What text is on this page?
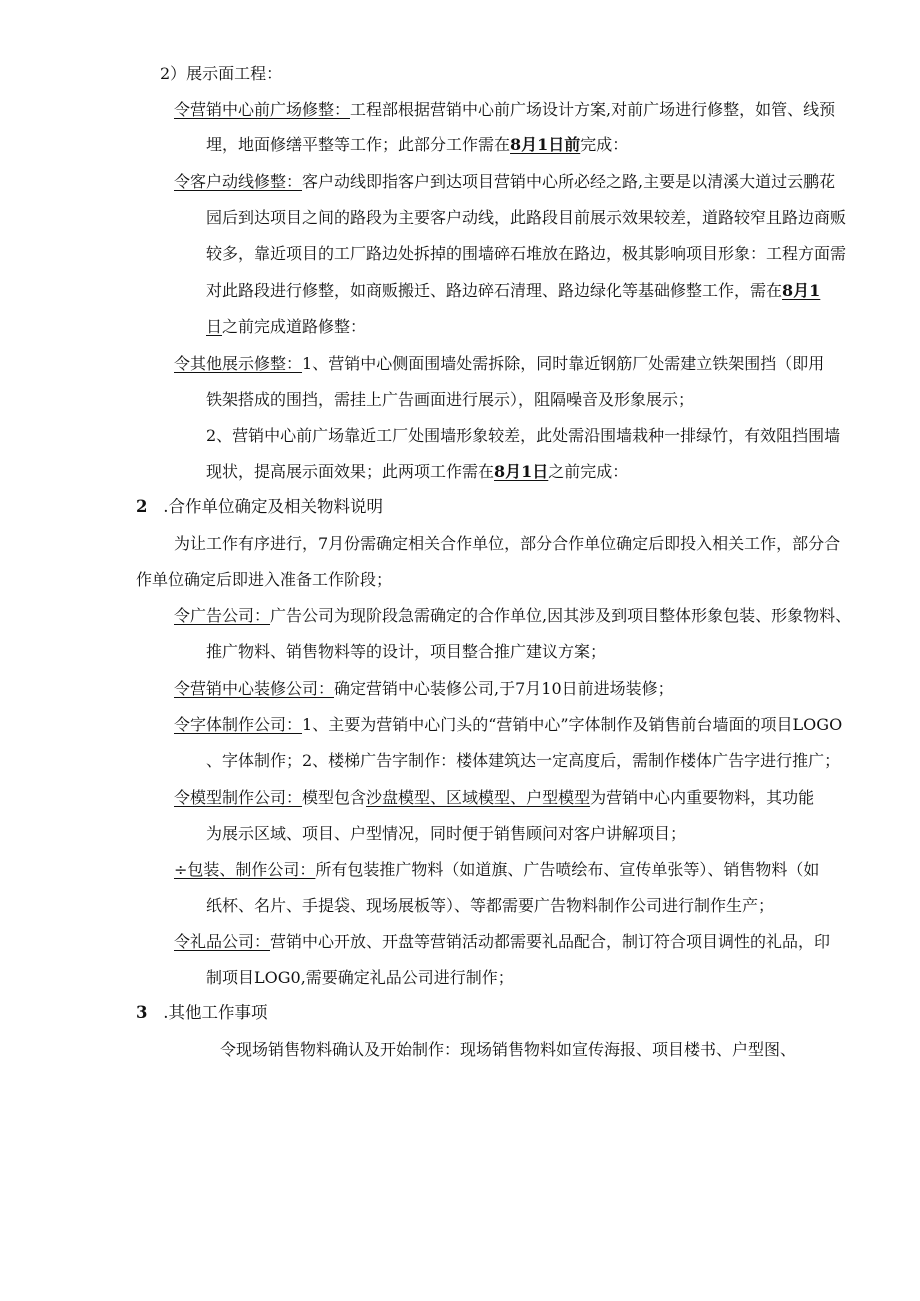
2）展示面工程：
令营销中心前广场修整：工程部根据营销中心前广场设计方案,对前广场进行修整，如管、线预
埋，地面修缮平整等工作；此部分工作需在8月1日前完成：
令客户动线修整：客户动线即指客户到达项目营销中心所必经之路,主要是以清溪大道过云鹏花
园后到达项目之间的路段为主要客户动线，此路段目前展示效果较差，道路较窄且路边商贩
较多，靠近项目的工厂路边处拆掉的围墙碎石堆放在路边，极其影响项目形象：工程方面需
对此路段进行修整，如商贩搬迁、路边碎石清理、路边绿化等基础修整工作，需在8月1
日之前完成道路修整：
令其他展示修整：1、营销中心侧面围墙处需拆除，同时靠近钢筋厂处需建立铁架围挡（即用
铁架搭成的围挡，需挂上广告画面进行展示），阻隔噪音及形象展示；
2、营销中心前广场靠近工厂处围墙形象较差，此处需沿围墙栽种一排绿竹，有效阻挡围墙
现状，提高展示面效果；此两项工作需在8月1日之前完成：
2 .合作单位确定及相关物料说明
为让工作有序进行，7月份需确定相关合作单位，部分合作单位确定后即投入相关工作，部分合
作单位确定后即进入准备工作阶段；
令广告公司：广告公司为现阶段急需确定的合作单位,因其涉及到项目整体形象包装、形象物料、
推广物料、销售物料等的设计，项目整合推广建议方案；
令营销中心装修公司：确定营销中心装修公司,于7月10日前进场装修；
令字体制作公司：1、主要为营销中心门头的“营销中心”字体制作及销售前台墙面的项目LOGO
、字体制作；2、楼梯广告字制作：楼体建筑达一定高度后，需制作楼体广告字进行推广；
令模型制作公司：模型包含沙盘模型、区域模型、户型模型为营销中心内重要物料，其功能
为展示区域、项目、户型情况，同时便于销售顾问对客户讲解项目；
÷包装、制作公司：所有包装推广物料（如道旗、广告喷绘布、宣传单张等）、销售物料（如
纸杯、名片、手提袋、现场展板等）、等都需要广告物料制作公司进行制作生产；
令礼品公司：营销中心开放、开盘等营销活动都需要礼品配合，制订符合项目调性的礼品，印
制项目LOG0,需要确定礼品公司进行制作；
3 .其他工作事项
令现场销售物料确认及开始制作：现场销售物料如宣传海报、项目楼书、户型图、
